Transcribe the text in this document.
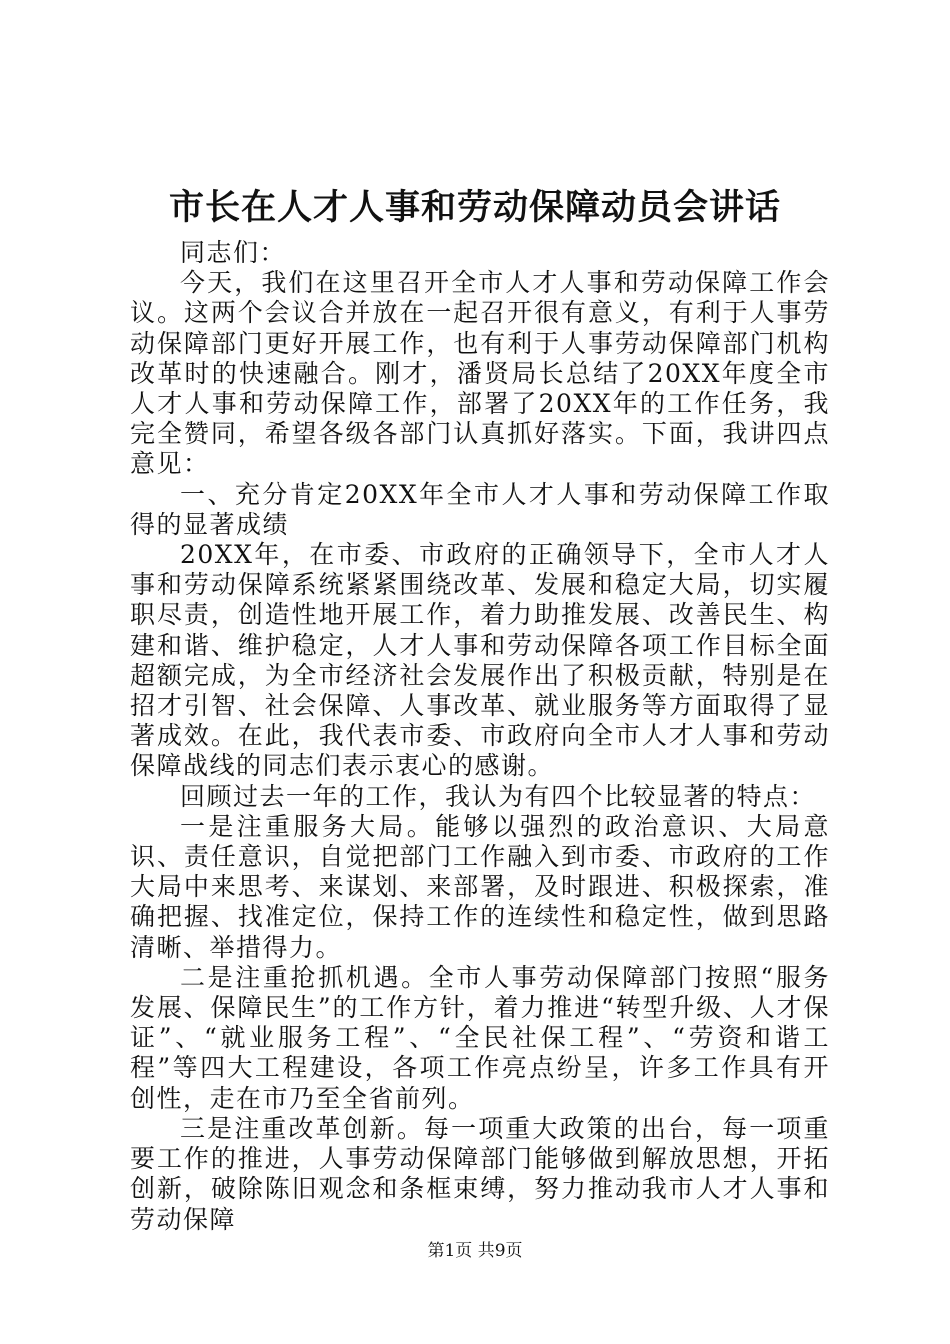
市长在人才人事和劳动保障动员会讲话

同志们：

今天，我们在这里召开全市人才人事和劳动保障工作会议。这两个会议合并放在一起召开很有意义，有利于人事劳动保障部门更好开展工作，也有利于人事劳动保障部门机构改革时的快速融合。刚才，潘贤局长总结了20XX年度全市人才人事和劳动保障工作，部署了20XX年的工作任务，我完全赞同，希望各级各部门认真抓好落实。下面，我讲四点意见：

一、充分肯定20XX年全市人才人事和劳动保障工作取得的显著成绩

20XX年，在市委、市政府的正确领导下，全市人才人事和劳动保障系统紧紧围绕改革、发展和稳定大局，切实履职尽责，创造性地开展工作，着力助推发展、改善民生、构建和谐、维护稳定，人才人事和劳动保障各项工作目标全面超额完成，为全市经济社会发展作出了积极贡献，特别是在招才引智、社会保障、人事改革、就业服务等方面取得了显著成效。在此，我代表市委、市政府向全市人才人事和劳动保障战线的同志们表示衷心的感谢。

回顾过去一年的工作，我认为有四个比较显著的特点：

一是注重服务大局。能够以强烈的政治意识、大局意识、责任意识，自觉把部门工作融入到市委、市政府的工作大局中来思考、来谋划、来部署，及时跟进、积极探索，准确把握、找准定位，保持工作的连续性和稳定性，做到思路清晰、举措得力。

二是注重抢抓机遇。全市人事劳动保障部门按照“服务发展、保障民生”的工作方针，着力推进“转型升级、人才保证”、“就业服务工程”、“全民社保工程”、“劳资和谐工程”等四大工程建设，各项工作亮点纷呈，许多工作具有开创性，走在市乃至全省前列。

三是注重改革创新。每一项重大政策的出台，每一项重要工作的推进，人事劳动保障部门能够做到解放思想，开拓创新，破除陈旧观念和条框束缚，努力推动我市人才人事和劳动保障

第1页 共9页
